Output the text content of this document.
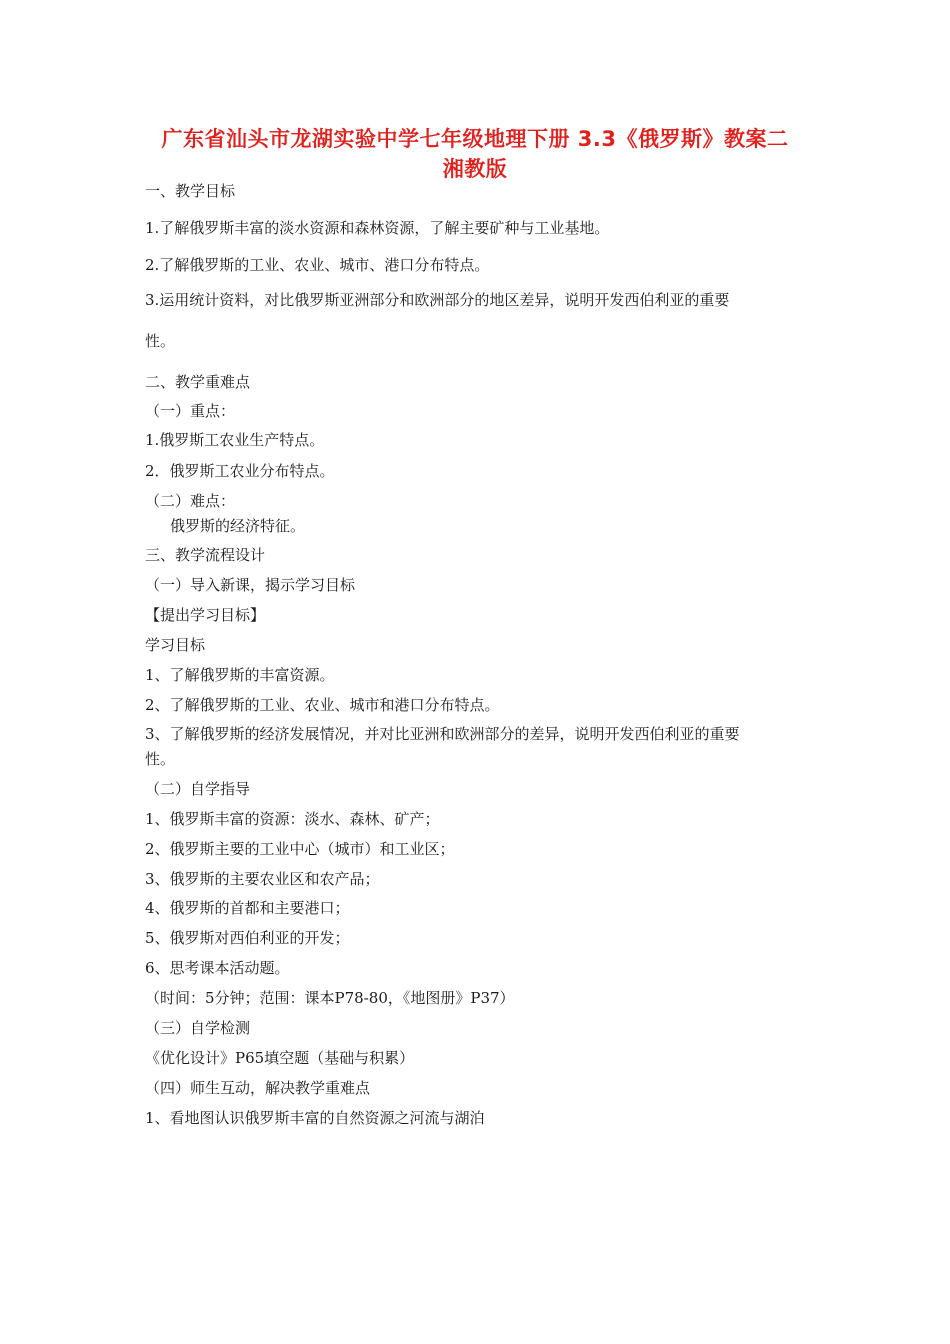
广东省汕头市龙湖实验中学七年级地理下册 3.3《俄罗斯》教案二
湘教版
一、教学目标
1.了解俄罗斯丰富的淡水资源和森林资源，了解主要矿种与工业基地。
2.了解俄罗斯的工业、农业、城市、港口分布特点。
3.运用统计资料，对比俄罗斯亚洲部分和欧洲部分的地区差异，说明开发西伯利亚的重要
性。
二、教学重难点
（一）重点：
1.俄罗斯工农业生产特点。
2．俄罗斯工农业分布特点。
（二）难点：
俄罗斯的经济特征。
三、教学流程设计
（一）导入新课，揭示学习目标
【提出学习目标】
学习目标
1、了解俄罗斯的丰富资源。
2、了解俄罗斯的工业、农业、城市和港口分布特点。
3、了解俄罗斯的经济发展情况，并对比亚洲和欧洲部分的差异，说明开发西伯利亚的重要
性。
（二）自学指导
1、俄罗斯丰富的资源：淡水、森林、矿产；
2、俄罗斯主要的工业中心（城市）和工业区；
3、俄罗斯的主要农业区和农产品；
4、俄罗斯的首都和主要港口；
5、俄罗斯对西伯利亚的开发；
6、思考课本活动题。
（时间：5分钟；范围：课本P78-80，《地图册》P37）
（三）自学检测
《优化设计》P65填空题（基础与积累）
（四）师生互动，解决教学重难点
1、看地图认识俄罗斯丰富的自然资源之河流与湖泊
